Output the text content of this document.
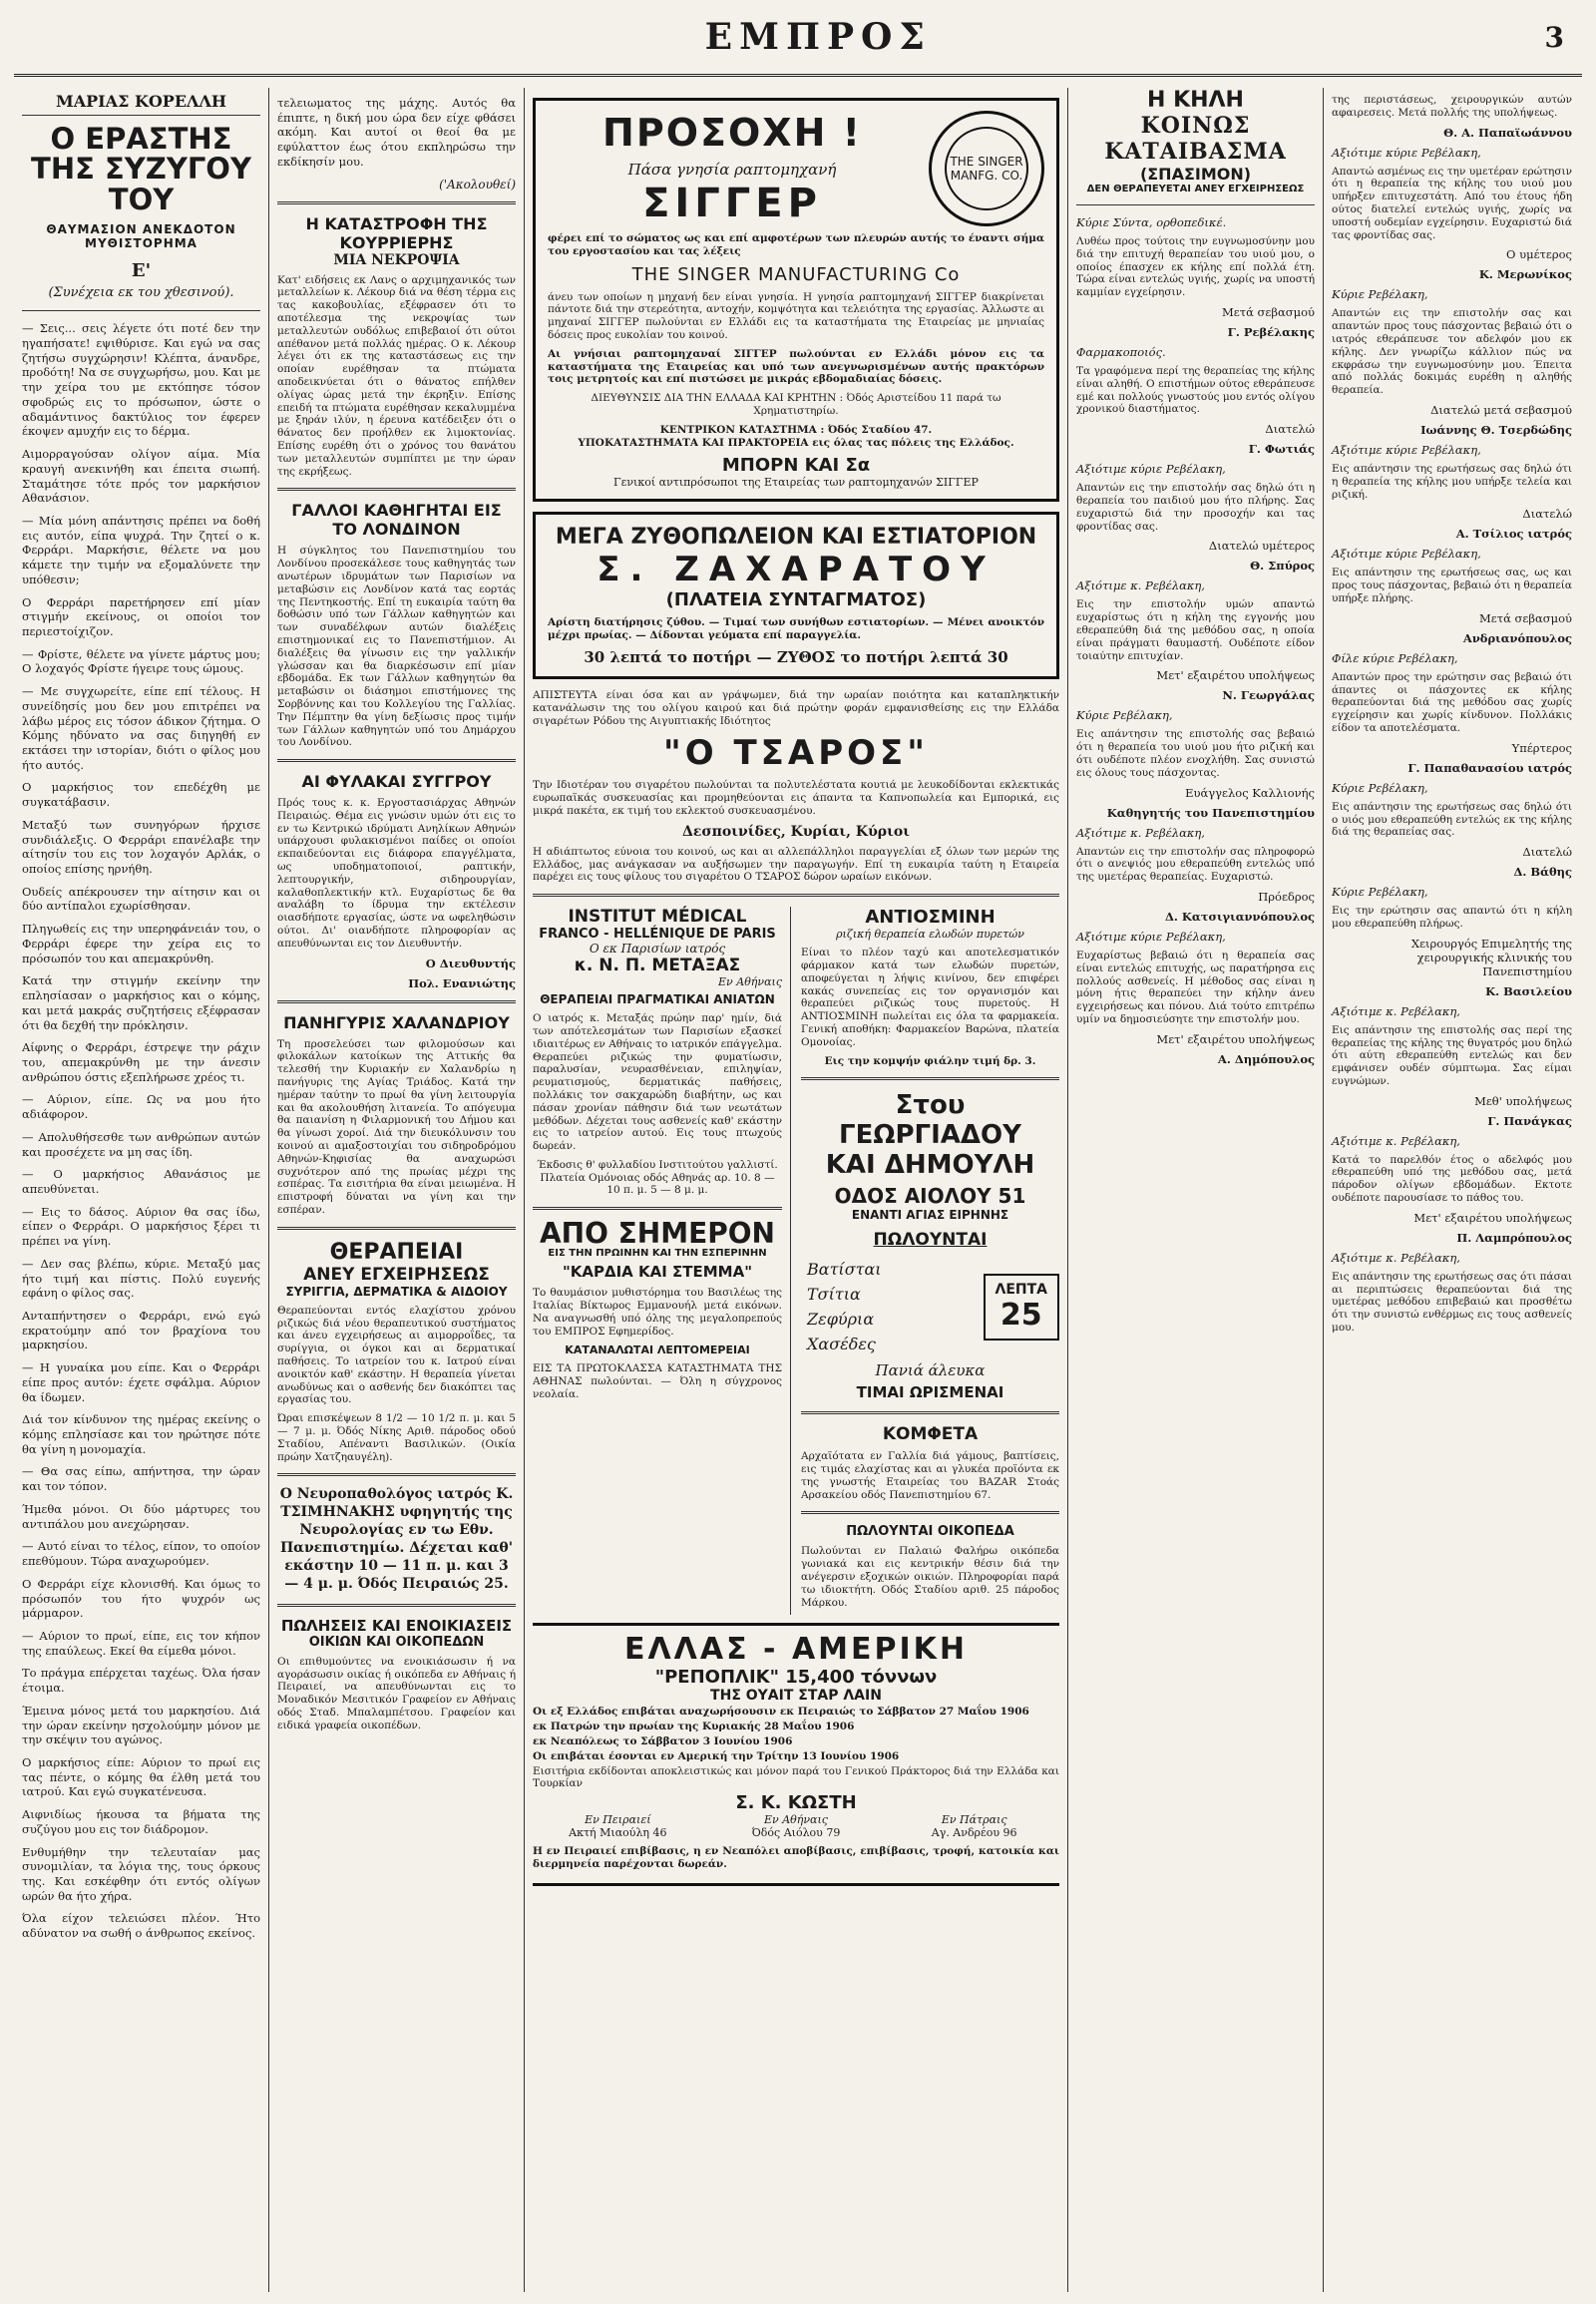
ΕΜΠΡΟΣ	3
ΜΑΡΙΑΣ ΚΟΡΕΛΛΗ
Ο ΕΡΑΣΤΗΣ ΤΗΣ ΣΥΖΥΓΟΥ ΤΟΥ
ΘΑΥΜΑΣΙΟΝ ΑΝΕΚΔΟΤΟΝ ΜΥΘΙΣΤΟΡΗΜΑ
Ε'
(Συνέχεια εκ του χθεσινού).

— Σεις... σεις λέγετε ότι ποτέ δεν την ηγαπήσατε! εψιθύρισε. Και εγώ να σας ζητήσω συγχώρησιν! Κλέπτα, άνανδρε, προδότη! Να σε συγχωρήσω, μου. Και με την χείρα του με εκτόπησε τόσον σφοδρώς εις το πρόσωπον, ώστε ο αδαμάντινος δακτύλιος τον έφερεν έκοψεν αμυχήν εις το δέρμα.

Αιμορραγούσαν ολίγον αίμα. Μία κραυγή ανεκινήθη και έπειτα σιωπή. Σταμάτησε τότε πρός τον μαρκήσιον Αθανάσιον.

— Μία μόνη απάντησις πρέπει να δοθή εις αυτόν, είπα ψυχρά. Την ζητεί ο κ. Φερράρι. Μαρκήσιε, θέλετε να μου κάμετε την τιμήν να εξομαλύνετε την υπόθεσιν;

Ο Φερράρι παρετήρησεν επί μίαν στιγμήν εκείνους, οι οποίοι τον περιεστοίχιζον.

— Φρίστε, θέλετε να γίνετε μάρτυς μου; Ο λοχαγός Φρίστε ήγειρε τους ώμους.

— Με συγχωρείτε, είπε επί τέλους. Η συνείδησίς μου δεν μου επιτρέπει να λάβω μέρος εις τόσον άδικον ζήτημα. Ο Κόμης ηδύνατο να σας διηγηθή εν εκτάσει την ιστορίαν, διότι ο φίλος μου ήτο αυτός.

Ο μαρκήσιος τον επεδέχθη με συγκατάβασιν.

Μεταξύ των συνηγόρων ήρχισε συνδιάλεξις. Ο Φερράρι επανέλαβε την αίτησίν του εις τον λοχαγόν Αρλάκ, ο οποίος επίσης ηρνήθη.

Ουδείς απέκρουσεν την αίτησιν και οι δύο αντίπαλοι εχωρίσθησαν.

Πληγωθείς εις την υπερηφάνειάν του, ο Φερράρι έφερε την χείρα εις το πρόσωπόν του και απεμακρύνθη.

Κατά την στιγμήν εκείνην την επλησίασαν ο μαρκήσιος και ο κόμης, και μετά μακράς συζητήσεις εξέφρασαν ότι θα δεχθή την πρόκλησιν.

Αίφνης ο Φερράρι, έστρεψε την ράχιν του, απεμακρύνθη με την άνεσιν ανθρώπου όστις εξεπλήρωσε χρέος τι.

— Αύριον, είπε. Ως να μου ήτο αδιάφορον.

— Απολυθήσεσθε των ανθρώπων αυτών και προσέχετε να μη σας ίδη.

— Ο μαρκήσιος Αθανάσιος με απευθύνεται.

— Εις το δάσος. Αύριον θα σας ίδω, είπεν ο Φερράρι. Ο μαρκήσιος ξέρει τι πρέπει να γίνη.

— Δεν σας βλέπω, κύριε. Μεταξύ μας ήτο τιμή και πίστις. Πολύ ευγενής εφάνη ο φίλος σας.

Ανταπήντησεν ο Φερράρι, ενώ εγώ εκρατούμην από τον βραχίονα του μαρκησίου.

— Η γυναίκα μου είπε. Και ο Φερράρι είπε προς αυτόν: έχετε σφάλμα. Αύριον θα ίδωμεν.

Διά τον κίνδυνον της ημέρας εκείνης ο κόμης επλησίασε και τον ηρώτησε πότε θα γίνη η μονομαχία.

— Θα σας είπω, απήντησα, την ώραν και τον τόπον.

Ήμεθα μόνοι. Οι δύο μάρτυρες του αντιπάλου μου ανεχώρησαν.

— Αυτό είναι το τέλος, είπον, το οποίον επεθύμουν. Τώρα αναχωρούμεν.

Ο Φερράρι είχε κλονισθή. Και όμως το πρόσωπόν του ήτο ψυχρόν ως μάρμαρον.

— Αύριον το πρωί, είπε, εις τον κήπον της επαύλεως. Εκεί θα είμεθα μόνοι.

Το πράγμα επέρχεται ταχέως. Όλα ήσαν έτοιμα.

Έμεινα μόνος μετά του μαρκησίου. Διά την ώραν εκείνην ησχολούμην μόνον με την σκέψιν του αγώνος.

Ο μαρκήσιος είπε: Αύριον το πρωί εις τας πέντε, ο κόμης θα έλθη μετά του ιατρού. Και εγώ συγκατένευσα.

Αιφνιδίως ήκουσα τα βήματα της συζύγου μου εις τον διάδρομον.

Ενθυμήθην την τελευταίαν μας συνομιλίαν, τα λόγια της, τους όρκους της. Και εσκέφθην ότι εντός ολίγων ωρών θα ήτο χήρα.

Όλα είχον τελειώσει πλέον. Ήτο αδύνατον να σωθή ο άνθρωπος εκείνος.

τελειωματος της μάχης. Αυτός θα έπιπτε, η δική μου ώρα δεν είχε φθάσει ακόμη. Και αυτοί οι θεοί θα με εφύλαττον έως ότου εκπληρώσω την εκδίκησίν μου.

('Ακολουθεί)
Η ΚΑΤΑΣΤΡΟΦΗ ΤΗΣ ΚΟΥΡΡΙΕΡΗΣ
ΜΙΑ ΝΕΚΡΟΨΙΑ

Κατ' ειδήσεις εκ Λανς ο αρχιμηχανικός των μεταλλείων κ. Λέκουρ διά να θέση τέρμα εις τας κακοβουλίας, εξέφρασεν ότι το αποτέλεσμα της νεκροψίας των μεταλλευτών ουδόλως επιβεβαιοί ότι ούτοι απέθανον μετά πολλάς ημέρας. Ο κ. Λέκουρ λέγει ότι εκ της καταστάσεως εις την οποίαν ευρέθησαν τα πτώματα αποδεικνύεται ότι ο θάνατος επήλθεν ολίγας ώρας μετά την έκρηξιν. Επίσης επειδή τα πτώματα ευρέθησαν κεκαλυμμένα με ξηράν ιλύν, η έρευνα κατέδειξεν ότι ο θάνατος δεν προήλθεν εκ λιμοκτονίας. Επίσης ευρέθη ότι ο χρόνος του θανάτου των μεταλλευτών συμπίπτει με την ώραν της εκρήξεως.

ΓΑΛΛΟΙ ΚΑΘΗΓΗΤΑΙ ΕΙΣ ΤΟ ΛΟΝΔΙΝΟΝ

Η σύγκλητος του Πανεπιστημίου του Λονδίνου προσεκάλεσε τους καθηγητάς των ανωτέρων ιδρυμάτων των Παρισίων να μεταβώσιν εις Λονδίνον κατά τας εορτάς της Πεντηκοστής. Επί τη ευκαιρία ταύτη θα δοθώσιν υπό των Γάλλων καθηγητών και των συναδέλφων αυτών διαλέξεις επιστημονικαί εις το Πανεπιστήμιον. Αι διαλέξεις θα γίνωσιν εις την γαλλικήν γλώσσαν και θα διαρκέσωσιν επί μίαν εβδομάδα. Εκ των Γάλλων καθηγητών θα μεταβώσιν οι διάσημοι επιστήμονες της Σορβόννης και του Κολλεγίου της Γαλλίας. Την Πέμπτην θα γίνη δεξίωσις προς τιμήν των Γάλλων καθηγητών υπό του Δημάρχου του Λονδίνου.

ΑΙ ΦΥΛΑΚΑΙ ΣΥΓΓΡΟΥ

Πρός τους κ. κ. Εργοστασιάρχας Αθηνών Πειραιώς. Θέμα εις γνώσιν υμών ότι εις το εν τω Κεντρικώ ιδρύματι Ανηλίκων Αθηνών υπάρχουσι φυλακισμένοι παίδες οι οποίοι εκπαιδεύονται εις διάφορα επαγγέλματα, ως υποδηματοποιοί, ραπτικήν, λεπτουργικήν, σιδηρουργίαν, καλαθοπλεκτικήν κτλ. Ευχαρίστως δε θα αναλάβη το ίδρυμα την εκτέλεσιν οιασδήποτε εργασίας, ώστε να ωφεληθώσιν ούτοι. Δι' οιανδήποτε πληροφορίαν ας απευθύνωνται εις τον Διευθυντήν.

Ο Διευθυντής
Πολ. Ενανιώτης
ΠΑΝΗΓΥΡΙΣ ΧΑΛΑΝΔΡΙΟΥ

Τη προσελεύσει των φιλομούσων και φιλοκάλων κατοίκων της Αττικής θα τελεσθή την Κυριακήν εν Χαλανδρίω η πανήγυρις της Αγίας Τριάδος. Κατά την ημέραν ταύτην το πρωί θα γίνη λειτουργία και θα ακολουθήση λιτανεία. Το απόγευμα θα παιανίση η Φιλαρμονική του Δήμου και θα γίνωσι χοροί. Διά την διευκόλυνσιν του κοινού αι αμαξοστοιχίαι του σιδηροδρόμου Αθηνών-Κηφισίας θα αναχωρώσι συχνότερον από της πρωίας μέχρι της εσπέρας. Τα εισιτήρια θα είναι μειωμένα. Η επιστροφή δύναται να γίνη και την εσπέραν.

ΘΕΡΑΠΕΙΑΙ
ΑΝΕΥ ΕΓΧΕΙΡΗΣΕΩΣ
ΣΥΡΙΓΓΙΑ, ΔΕΡΜΑΤΙΚΑ & ΑΙΔΟΙΟΥ

Θεραπεύονται εντός ελαχίστου χρόνου ριζικώς διά νέου θεραπευτικού συστήματος και άνευ εγχειρήσεως αι αιμορροΐδες, τα συρίγγια, οι όγκοι και αι δερματικαί παθήσεις. Το ιατρείον του κ. Ιατρού είναι ανοικτόν καθ' εκάστην. Η θεραπεία γίνεται ανωδύνως και ο ασθενής δεν διακόπτει τας εργασίας του.

Ώραι επισκέψεων 8 1/2 — 10 1/2 π. μ. και 5 — 7 μ. μ. Όδός Νίκης Αριθ. πάροδος οδού Σταδίου, Απέναντι Βασιλικών. (Οικία πρώην Χατζηαυγέλη).

Ο Νευροπαθολόγος ιατρός Κ. ΤΣΙΜΗΝΑΚΗΣ υφηγητής της Νευρολογίας εν τω Εθν. Πανεπιστημίω. Δέχεται καθ' εκάστην 10 — 11 π. μ. και 3 — 4 μ. μ. Όδός Πειραιώς 25.

ΠΩΛΗΣΕΙΣ ΚΑΙ ΕΝΟΙΚΙΑΣΕΙΣ
ΟΙΚΙΩΝ ΚΑΙ ΟΙΚΟΠΕΔΩΝ

Οι επιθυμούντες να ενοικιάσωσιν ή να αγοράσωσιν οικίας ή οικόπεδα εν Αθήναις ή Πειραιεί, να απευθύνωνται εις το Μοναδικόν Μεσιτικόν Γραφείον εν Αθήναις οδός Σταδ. Μπαλαμπέτσου. Γραφείον και ειδικά γραφεία οικοπέδων.

ΠΡΟΣΟΧΗ !
Πάσα γνησία ραπτομηχανή
ΣΙΓΓΕΡ
THE SINGER MANFG. CO.

φέρει επί το σώματος ως και επί αμφοτέρων των πλευρών αυτής το έναντι σήμα του εργοστασίου και τας λέξεις

THE SINGER MANUFACTURING Co

άνευ των οποίων η μηχανή δεν είναι γνησία. Η γνησία ραπτομηχανή ΣΙΓΓΕΡ διακρίνεται πάντοτε διά την στερεότητα, αντοχήν, κομψότητα και τελειότητα της εργασίας. Άλλωστε αι μηχαναί ΣΙΓΓΕΡ πωλούνται εν Ελλάδι εις τα καταστήματα της Εταιρείας με μηνιαίας δόσεις προς ευκολίαν του κοινού.

Αι γνήσιαι ραπτομηχαναί ΣΙΓΓΕΡ πωλούνται εν Ελλάδι μόνον εις τα καταστήματα της Εταιρείας και υπό των ανεγνωρισμένων αυτής πρακτόρων τοις μετρητοίς και επί πιστώσει με μικράς εβδομαδιαίας δόσεις.

ΔΙΕΥΘΥΝΣΙΣ ΔΙΑ ΤΗΝ ΕΛΛΑΔΑ ΚΑΙ ΚΡΗΤΗΝ : Όδός Αριστείδου 11 παρά τω Χρηματιστηρίω.

ΚΕΝΤΡΙΚΟΝ ΚΑΤΑΣΤΗΜΑ : Όδός Σταδίου 47.

ΥΠΟΚΑΤΑΣΤΗΜΑΤΑ ΚΑΙ ΠΡΑΚΤΟΡΕΙΑ εις όλας τας πόλεις της Ελλάδος.

ΜΠΟΡΝ ΚΑΙ Σα
Γενικοί αντιπρόσωποι της Εταιρείας των ραπτομηχανών ΣΙΓΓΕΡ
ΜΕΓΑ ΖΥΘΟΠΩΛΕΙΟΝ ΚΑΙ ΕΣΤΙΑΤΟΡΙΟΝ
Σ. ΖΑΧΑΡΑΤΟΥ
(ΠΛΑΤΕΙΑ ΣΥΝΤΑΓΜΑΤΟΣ)

Αρίστη διατήρησις ζύθου. — Τιμαί των συνήθων εστιατορίων. — Μένει ανοικτόν μέχρι πρωίας. — Δίδονται γεύματα επί παραγγελία.

30 λεπτά το ποτήρι — ΖΥΘΟΣ το ποτήρι λεπτά 30

ΑΠΙΣΤΕΥΤΑ είναι όσα και αν γράψωμεν, διά την ωραίαν ποιότητα και καταπληκτικήν κατανάλωσιν της του ολίγου καιρού και διά πρώτην φοράν εμφανισθείσης εις την Ελλάδα σιγαρέτων Ρόδου της Αιγυπτιακής Ιδιότητος

"Ο ΤΣΑΡΟΣ"

Την Ιδιοτέραν του σιγαρέτου πωλούνται τα πολυτελέστατα κουτιά με λευκοδίδονται εκλεκτικάς ευρωπαϊκάς συσκευασίας και προμηθεύονται εις άπαντα τα Καπνοπωλεία και Εμπορικά, εις μικρά πακέτα, εκ τιμή του εκλεκτού συσκευασμένου.

Δεσποινίδες, Κυρίαι, Κύριοι

Η αδιάπτωτος εύνοια του κοινού, ως και αι αλλεπάλληλοι παραγγελίαι εξ όλων των μερών της Ελλάδος, μας ανάγκασαν να αυξήσωμεν την παραγωγήν. Επί τη ευκαιρία ταύτη η Εταιρεία παρέχει εις τους φίλους του σιγαρέτου Ο ΤΣΑΡΟΣ δώρον ωραίων εικόνων.

INSTITUT MÉDICAL
FRANCO - HELLÉNIQUE DE PARIS
Ο εκ Παρισίων ιατρός
κ. Ν. Π. ΜΕΤΑΞΑΣ
Εν Αθήναις
ΘΕΡΑΠΕΙΑΙ ΠΡΑΓΜΑΤΙΚΑΙ ΑΝΙΑΤΩΝ

Ο ιατρός κ. Μεταξάς πρώην παρ' ημίν, διά των απότελεσμάτων των Παρισίων εξασκεί ιδιαιτέρως εν Αθήναις το ιατρικόν επάγγελμα. Θεραπεύει ριζικώς την φυματίωσιν, παραλυσίαν, νευρασθένειαν, επιληψίαν, ρευματισμούς, δερματικάς παθήσεις, πολλάκις τον σακχαρώδη διαβήτην, ως και πάσαν χρονίαν πάθησιν διά των νεωτάτων μεθόδων. Δέχεται τους ασθενείς καθ' εκάστην εις το ιατρείον αυτού. Εις τους πτωχούς δωρεάν.

Έκδοσις θ' φυλλαδίου Ινστιτούτου γαλλιστί. Πλατεία Ομόνοιας οδός Αθηνάς αρ. 10. 8 — 10 π. μ. 5 — 8 μ. μ.

ΑΠΟ ΣΗΜΕΡΟΝ
ΕΙΣ ΤΗΝ ΠΡΩΙΝΗΝ ΚΑΙ ΤΗΝ ΕΣΠΕΡΙΝΗΝ
"ΚΑΡΔΙΑ ΚΑΙ ΣΤΕΜΜΑ"

Το θαυμάσιον μυθιστόρημα του Βασιλέως της Ιταλίας Βίκτωρος Εμμανουήλ μετά εικόνων. Να αναγνωσθή υπό όλης της μεγαλοπρεπούς του ΕΜΠΡΟΣ Εφημερίδος.

ΚΑΤΑΝΑΛΩΤΑΙ ΛΕΠΤΟΜΕΡΕΙΑΙ

ΕΙΣ ΤΑ ΠΡΩΤΟΚΛΑΣΣΑ ΚΑΤΑΣΤΗΜΑΤΑ ΤΗΣ ΑΘΗΝΑΣ πωλούνται. — Όλη η σύγχρονος νεολαία.

ΑΝΤΙΟΣΜΙΝΗ
ριζική θεραπεία ελωδών πυρετών

Είναι το πλέον ταχύ και αποτελεσματικόν φάρμακον κατά των ελωδών πυρετών, αποφεύγεται η λήψις κινίνου, δεν επιφέρει κακάς συνεπείας εις τον οργανισμόν και θεραπεύει ριζικώς τους πυρετούς. Η ΑΝΤΙΟΣΜΙΝΗ πωλείται εις όλα τα φαρμακεία. Γενική αποθήκη: Φαρμακείον Βαρώνα, πλατεία Ομονοίας.

Εις την κομψήν φιάλην τιμή δρ. 3.

Στου ΓΕΩΡΓΙΑΔΟΥ
ΚΑΙ ΔΗΜΟΥΛΗ
ΟΔΟΣ ΑΙΟΛΟΥ 51
ΕΝΑΝΤΙ ΑΓΙΑΣ ΕΙΡΗΝΗΣ
ΠΩΛΟΥΝΤΑΙ
Βατίσται
Τσίτια
Ζεφύρια
Χασέδες
ΛΕΠΤΑ
25
Πανιά άλευκα
ΤΙΜΑΙ ΩΡΙΣΜΕΝΑΙ
ΚΟΜΦΕΤΑ

Αρχαϊότατα εν Γαλλία διά γάμους, βαπτίσεις, εις τιμάς ελαχίστας και αι γλυκέα προϊόντα εκ της γνωστής Εταιρείας του BAZAR Στοάς Αρσακείου οδός Πανεπιστημίου 67.

ΠΩΛΟΥΝΤΑΙ ΟΙΚΟΠΕΔΑ

Πωλούνται εν Παλαιώ Φαλήρω οικόπεδα γωνιακά και εις κεντρικήν θέσιν διά την ανέγερσιν εξοχικών οικιών. Πληροφορίαι παρά τω ιδιοκτήτη. Οδός Σταδίου αριθ. 25 πάροδος Μάρκου.

ΕΛΛΑΣ - ΑΜΕΡΙΚΗ
"ΡΕΠΟΠΛΙΚ" 15,400 τόννων
ΤΗΣ ΟΥΑΙΤ ΣΤΑΡ ΛΑΙΝ

Οι εξ Ελλάδος επιβάται αναχωρήσουσιν εκ Πειραιώς το Σάββατον 27 Μαΐου 1906

εκ Πατρών την πρωίαν της Κυριακής 28 Μαΐου 1906

εκ Νεαπόλεως το Σάββατον 3 Ιουνίου 1906

Οι επιβάται έσονται εν Αμερική την Τρίτην 13 Ιουνίου 1906

Εισιτήρια εκδίδονται αποκλειστικώς και μόνον παρά του Γενικού Πράκτορος διά την Ελλάδα και Τουρκίαν

Σ. Κ. ΚΩΣΤΗ
Εν Πειραιεί
Ακτή Μιαούλη 46
Εν Αθήναις
Όδός Αιόλου 79
Εν Πάτραις
Αγ. Ανδρέου 96

Η εν Πειραιεί επιβίβασις, η εν Νεαπόλει αποβίβασις, επιβίβασις, τροφή, κατοικία και διερμηνεία παρέχονται δωρεάν.

Η ΚΗΛΗ
ΚΟΙΝΩΣ ΚΑΤΑΙΒΑΣΜΑ
(ΣΠΑΣΙΜΟΝ)
ΔΕΝ ΘΕΡΑΠΕΥΕΤΑΙ ΑΝΕΥ ΕΓΧΕΙΡΗΣΕΩΣ
Κύριε Σύντα, ορθοπεδικέ.

Λυθέω προς τούτοις την ευγνωμοσύνην μου διά την επιτυχή θεραπείαν του υιού μου, ο οποίος έπασχεν εκ κήλης επί πολλά έτη. Τώρα είναι εντελώς υγιής, χωρίς να υποστή καμμίαν εγχείρησιν.

Μετά σεβασμού
Γ. Ρεβέλακης
Φαρμακοποιός.

Τα γραφόμενα περί της θεραπείας της κήλης είναι αληθή. Ο επιστήμων ούτος εθεράπευσε εμέ και πολλούς γνωστούς μου εντός ολίγου χρονικού διαστήματος.

Διατελώ
Γ. Φωτιάς
Αξιότιμε κύριε Ρεβέλακη,

Απαντών εις την επιστολήν σας δηλώ ότι η θεραπεία του παιδιού μου ήτο πλήρης. Σας ευχαριστώ διά την προσοχήν και τας φροντίδας σας.

Διατελώ υμέτερος
Θ. Σπύρος
Αξιότιμε κ. Ρεβέλακη,

Εις την επιστολήν υμών απαντώ ευχαρίστως ότι η κήλη της εγγονής μου εθεραπεύθη διά της μεθόδου σας, η οποία είναι πράγματι θαυμαστή. Ουδέποτε είδον τοιαύτην επιτυχίαν.

Μετ' εξαιρέτου υπολήψεως
Ν. Γεωργάλας
Κύριε Ρεβέλακη,

Εις απάντησιν της επιστολής σας βεβαιώ ότι η θεραπεία του υιού μου ήτο ριζική και ότι ουδέποτε πλέον ενοχλήθη. Σας συνιστώ εις όλους τους πάσχοντας.

Ευάγγελος Καλλιονής
Καθηγητής του Πανεπιστημίου
Αξιότιμε κ. Ρεβέλακη,

Απαντών εις την επιστολήν σας πληροφορώ ότι ο ανεψιός μου εθεραπεύθη εντελώς υπό της υμετέρας θεραπείας. Ευχαριστώ.

Πρόεδρος
Δ. Κατσιγιαννόπουλος
Αξιότιμε κύριε Ρεβέλακη,

Ευχαρίστως βεβαιώ ότι η θεραπεία σας είναι εντελώς επιτυχής, ως παρατήρησα εις πολλούς ασθενείς. Η μέθοδος σας είναι η μόνη ήτις θεραπεύει την κήλην άνευ εγχειρήσεως και πόνου. Διά τούτο επιτρέπω υμίν να δημοσιεύσητε την επιστολήν μου.

Μετ' εξαιρέτου υπολήψεως
Α. Δημόπουλος

της περιστάσεως, χειρουργικών αυτών αφαιρεσεις. Μετά πολλής της υπολήψεως.

Θ. Α. Παπαϊωάννου
Αξιότιμε κύριε Ρεβέλακη,

Απαντώ ασμένως εις την υμετέραν ερώτησιν ότι η θεραπεία της κήλης του υιού μου υπήρξεν επιτυχεστάτη. Από του έτους ήδη ούτος διατελεί εντελώς υγιής, χωρίς να υποστή ουδεμίαν εγχείρησιν. Ευχαριστώ διά τας φροντίδας σας.

Ο υμέτερος
Κ. Μερωνίκος
Κύριε Ρεβέλακη,

Απαντών εις την επιστολήν σας και απαντών προς τους πάσχοντας βεβαιώ ότι ο ιατρός εθεράπευσε τον αδελφόν μου εκ κήλης. Δεν γνωρίζω κάλλιον πώς να εκφράσω την ευγνωμοσύνην μου. Έπειτα από πολλάς δοκιμάς ευρέθη η αληθής θεραπεία.

Διατελώ μετά σεβασμού
Ιωάννης Θ. Τσερδώδης
Αξιότιμε κύριε Ρεβέλακη,

Εις απάντησιν της ερωτήσεως σας δηλώ ότι η θεραπεία της κήλης μου υπήρξε τελεία και ριζική.

Διατελώ
Α. Τσίλιος ιατρός
Αξιότιμε κύριε Ρεβέλακη,

Εις απάντησιν της ερωτήσεως σας, ως και προς τους πάσχοντας, βεβαιώ ότι η θεραπεία υπήρξε πλήρης.

Μετά σεβασμού
Ανδριανόπουλος
Φίλε κύριε Ρεβέλακη,

Απαντών προς την ερώτησιν σας βεβαιώ ότι άπαντες οι πάσχοντες εκ κήλης θεραπεύονται διά της μεθόδου σας χωρίς εγχείρησιν και χωρίς κίνδυνον. Πολλάκις είδον τα αποτελέσματα.

Υπέρτερος
Γ. Παπαθανασίου ιατρός
Κύριε Ρεβέλακη,

Εις απάντησιν της ερωτήσεως σας δηλώ ότι ο υιός μου εθεραπεύθη εντελώς εκ της κήλης διά της θεραπείας σας.

Διατελώ
Δ. Βάθης
Κύριε Ρεβέλακη,

Εις την ερώτησιν σας απαντώ ότι η κήλη μου εθεραπεύθη πλήρως.

Χειρουργός Επιμελητής της χειρουργικής κλινικής του Πανεπιστημίου
Κ. Βασιλείου
Αξιότιμε κ. Ρεβέλακη,

Εις απάντησιν της επιστολής σας περί της θεραπείας της κήλης της θυγατρός μου δηλώ ότι αύτη εθεραπεύθη εντελώς και δεν εμφάνισεν ουδέν σύμπτωμα. Σας είμαι ευγνώμων.

Μεθ' υπολήψεως
Γ. Πανάγκας
Αξιότιμε κ. Ρεβέλακη,

Κατά το παρελθόν έτος ο αδελφός μου εθεραπεύθη υπό της μεθόδου σας, μετά πάροδον ολίγων εβδομάδων. Εκτοτε ουδέποτε παρουσίασε το πάθος του.

Μετ' εξαιρέτου υπολήψεως
Π. Λαμπρόπουλος
Αξιότιμε κ. Ρεβέλακη,

Εις απάντησιν της ερωτήσεως σας ότι πάσαι αι περιπτώσεις θεραπεύονται διά της υμετέρας μεθόδου επιβεβαιώ και προσθέτω ότι την συνιστώ ενθέρμως εις τους ασθενείς μου.
